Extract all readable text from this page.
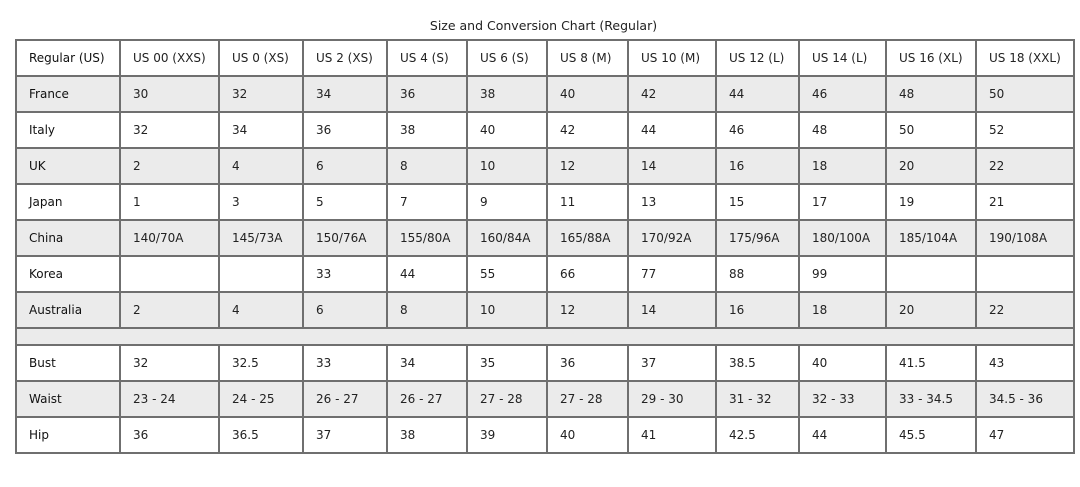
Size and Conversion Chart (Regular)
Regular (US)	US 00 (XXS)	US 0 (XS)	US 2 (XS)	US 4 (S)	US 6 (S)	US 8 (M)	US 10 (M)	US 12 (L)	US 14 (L)	US 16 (XL)	US 18 (XXL)
France	30	32	34	36	38	40	42	44	46	48	50
Italy	32	34	36	38	40	42	44	46	48	50	52
UK	2	4	6	8	10	12	14	16	18	20	22
Japan	1	3	5	7	9	11	13	15	17	19	21
China	140/70A	145/73A	150/76A	155/80A	160/84A	165/88A	170/92A	175/96A	180/100A	185/104A	190/108A
Korea			33	44	55	66	77	88	99		
Australia	2	4	6	8	10	12	14	16	18	20	22

Bust	32	32.5	33	34	35	36	37	38.5	40	41.5	43
Waist	23 - 24	24 - 25	26 - 27	26 - 27	27 - 28	27 - 28	29 - 30	31 - 32	32 - 33	33 - 34.5	34.5 - 36
Hip	36	36.5	37	38	39	40	41	42.5	44	45.5	47
